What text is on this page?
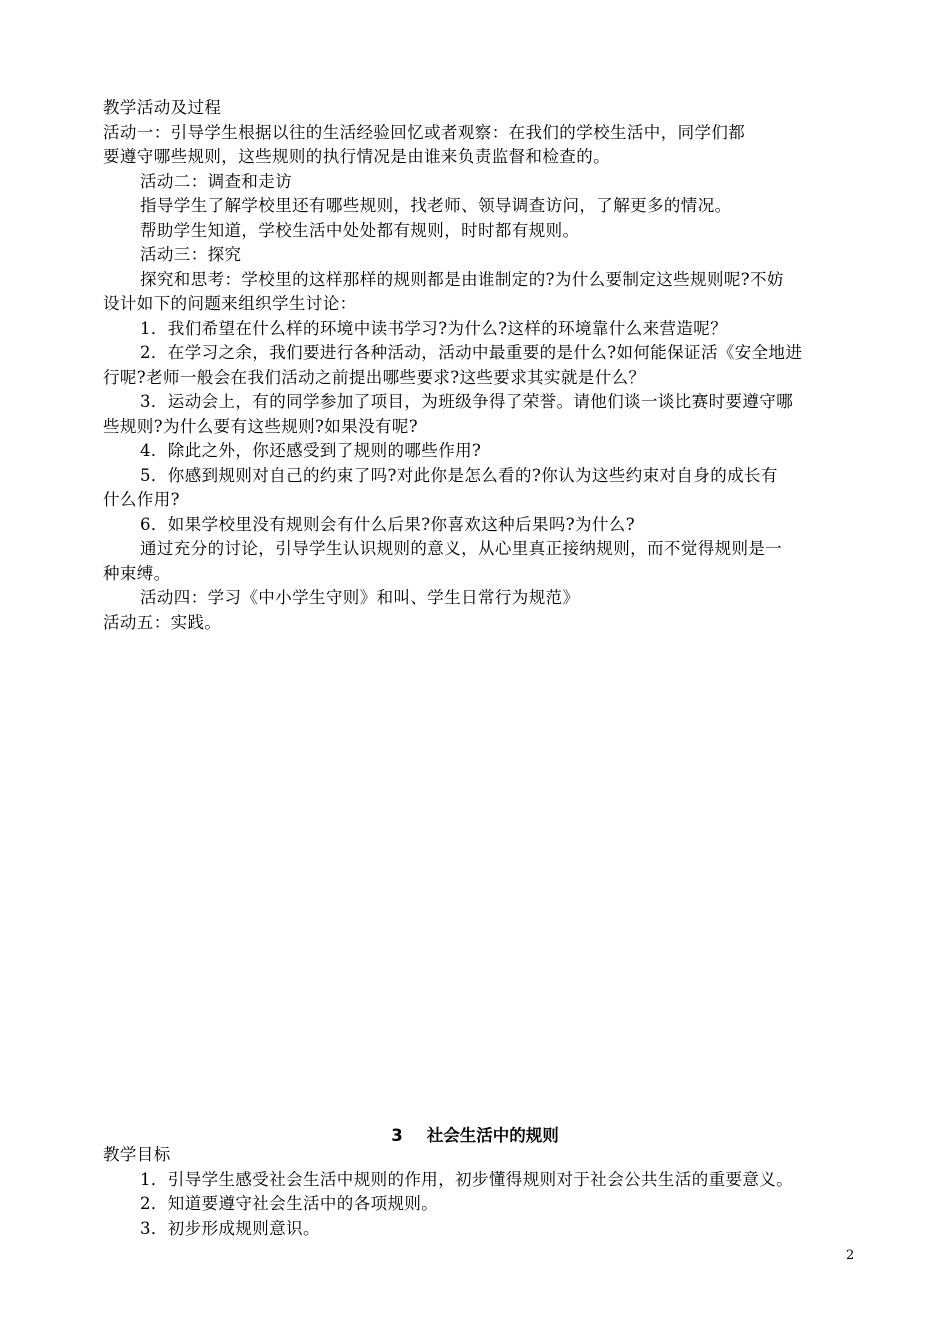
教学活动及过程
活动一：引导学生根据以往的生活经验回忆或者观察：在我们的学校生活中，同学们都
要遵守哪些规则，这些规则的执行情况是由谁来负责监督和检查的。
活动二：调查和走访
指导学生了解学校里还有哪些规则，找老师、领导调查访问，了解更多的情况。
帮助学生知道，学校生活中处处都有规则，时时都有规则。
活动三：探究
探究和思考：学校里的这样那样的规则都是由谁制定的?为什么要制定这些规则呢?不妨
设计如下的问题来组织学生讨论：
1．我们希望在什么样的环境中读书学习?为什么?这样的环境靠什么来营造呢？
2．在学习之余，我们要进行各种活动，活动中最重要的是什么?如何能保证活《安全地进
行呢?老师一般会在我们活动之前提出哪些要求?这些要求其实就是什么？
3．运动会上，有的同学参加了项目，为班级争得了荣誉。请他们谈一谈比赛时要遵守哪
些规则?为什么要有这些规则?如果没有呢?
4．除此之外，你还感受到了规则的哪些作用?
5．你感到规则对自己的约束了吗?对此你是怎么看的?你认为这些约束对自身的成长有
什么作用?
6．如果学校里没有规则会有什么后果?你喜欢这种后果吗?为什么?
通过充分的讨论，引导学生认识规则的意义，从心里真正接纳规则，而不觉得规则是一
种束缚。
活动四：学习《中小学生守则》和叫、学生日常行为规范》
活动五：实践。
3 社会生活中的规则
教学目标
1．引导学生感受社会生活中规则的作用，初步懂得规则对于社会公共生活的重要意义。
2．知道要遵守社会生活中的各项规则。
3．初步形成规则意识。
2
